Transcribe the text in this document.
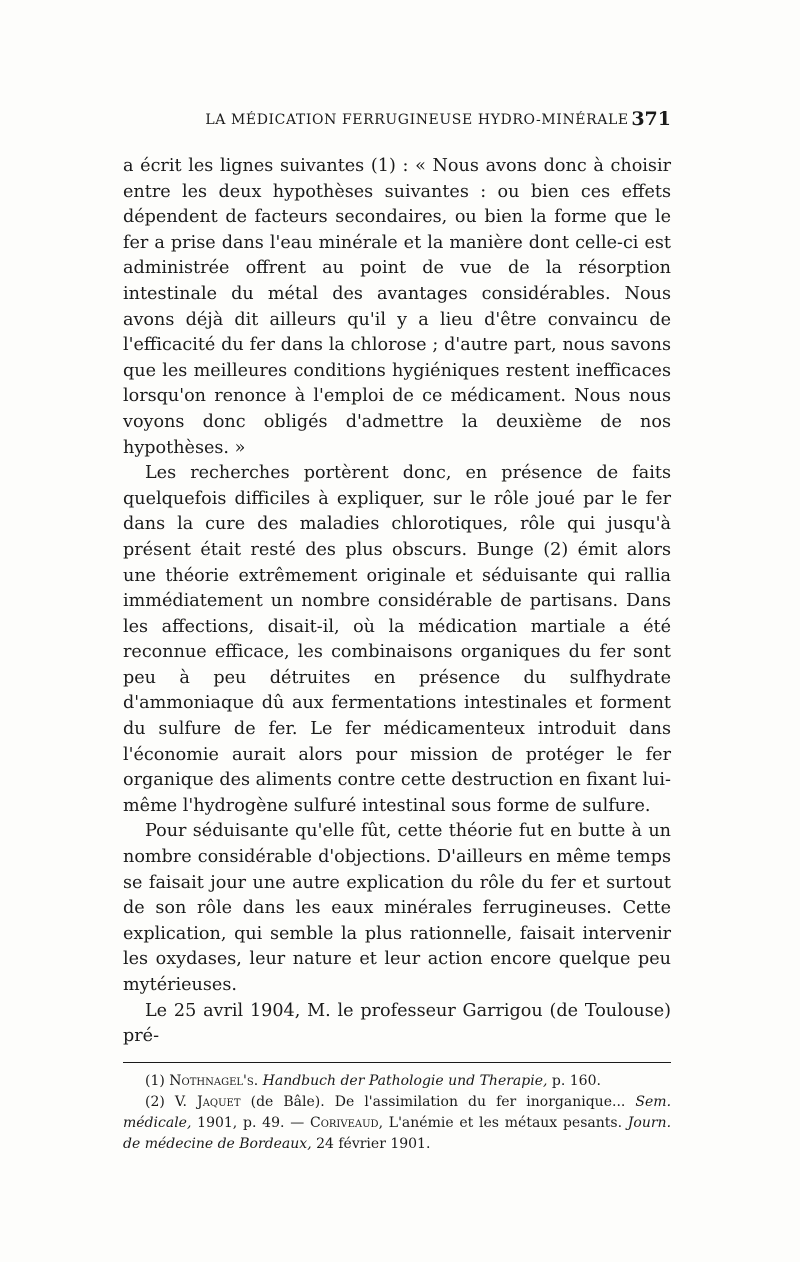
LA MÉDICATION FERRUGINEUSE HYDRO-MINÉRALE 371

a écrit les lignes suivantes (1) : « Nous avons donc à choisir entre les deux hypothèses suivantes : ou bien ces effets dépendent de facteurs secondaires, ou bien la forme que le fer a prise dans l'eau minérale et la manière dont celle-ci est administrée offrent au point de vue de la résorption intestinale du métal des avantages considérables. Nous avons déjà dit ailleurs qu'il y a lieu d'être convaincu de l'efficacité du fer dans la chlorose ; d'autre part, nous savons que les meilleures conditions hygiéniques restent inefficaces lorsqu'on renonce à l'emploi de ce médicament. Nous nous voyons donc obligés d'admettre la deuxième de nos hypothèses. »

Les recherches portèrent donc, en présence de faits quelquefois difficiles à expliquer, sur le rôle joué par le fer dans la cure des maladies chlorotiques, rôle qui jusqu'à présent était resté des plus obscurs. Bunge (2) émit alors une théorie extrêmement originale et séduisante qui rallia immédiatement un nombre considérable de partisans. Dans les affections, disait-il, où la médication martiale a été reconnue efficace, les combinaisons organiques du fer sont peu à peu détruites en présence du sulfhydrate d'ammoniaque dû aux fermentations intestinales et forment du sulfure de fer. Le fer médicamenteux introduit dans l'économie aurait alors pour mission de protéger le fer organique des aliments contre cette destruction en fixant lui-même l'hydrogène sulfuré intestinal sous forme de sulfure.

Pour séduisante qu'elle fût, cette théorie fut en butte à un nombre considérable d'objections. D'ailleurs en même temps se faisait jour une autre explication du rôle du fer et surtout de son rôle dans les eaux minérales ferrugineuses. Cette explication, qui semble la plus rationnelle, faisait intervenir les oxydases, leur nature et leur action encore quelque peu mytérieuses.

Le 25 avril 1904, M. le professeur Garrigou (de Toulouse) pré-

(1) Nothnagel's. Handbuch der Pathologie und Therapie, p. 160.

(2) V. Jaquet (de Bâle). De l'assimilation du fer inorganique... Sem. médicale, 1901, p. 49. — Coriveaud, L'anémie et les métaux pesants. Journ. de médecine de Bordeaux, 24 février 1901.
